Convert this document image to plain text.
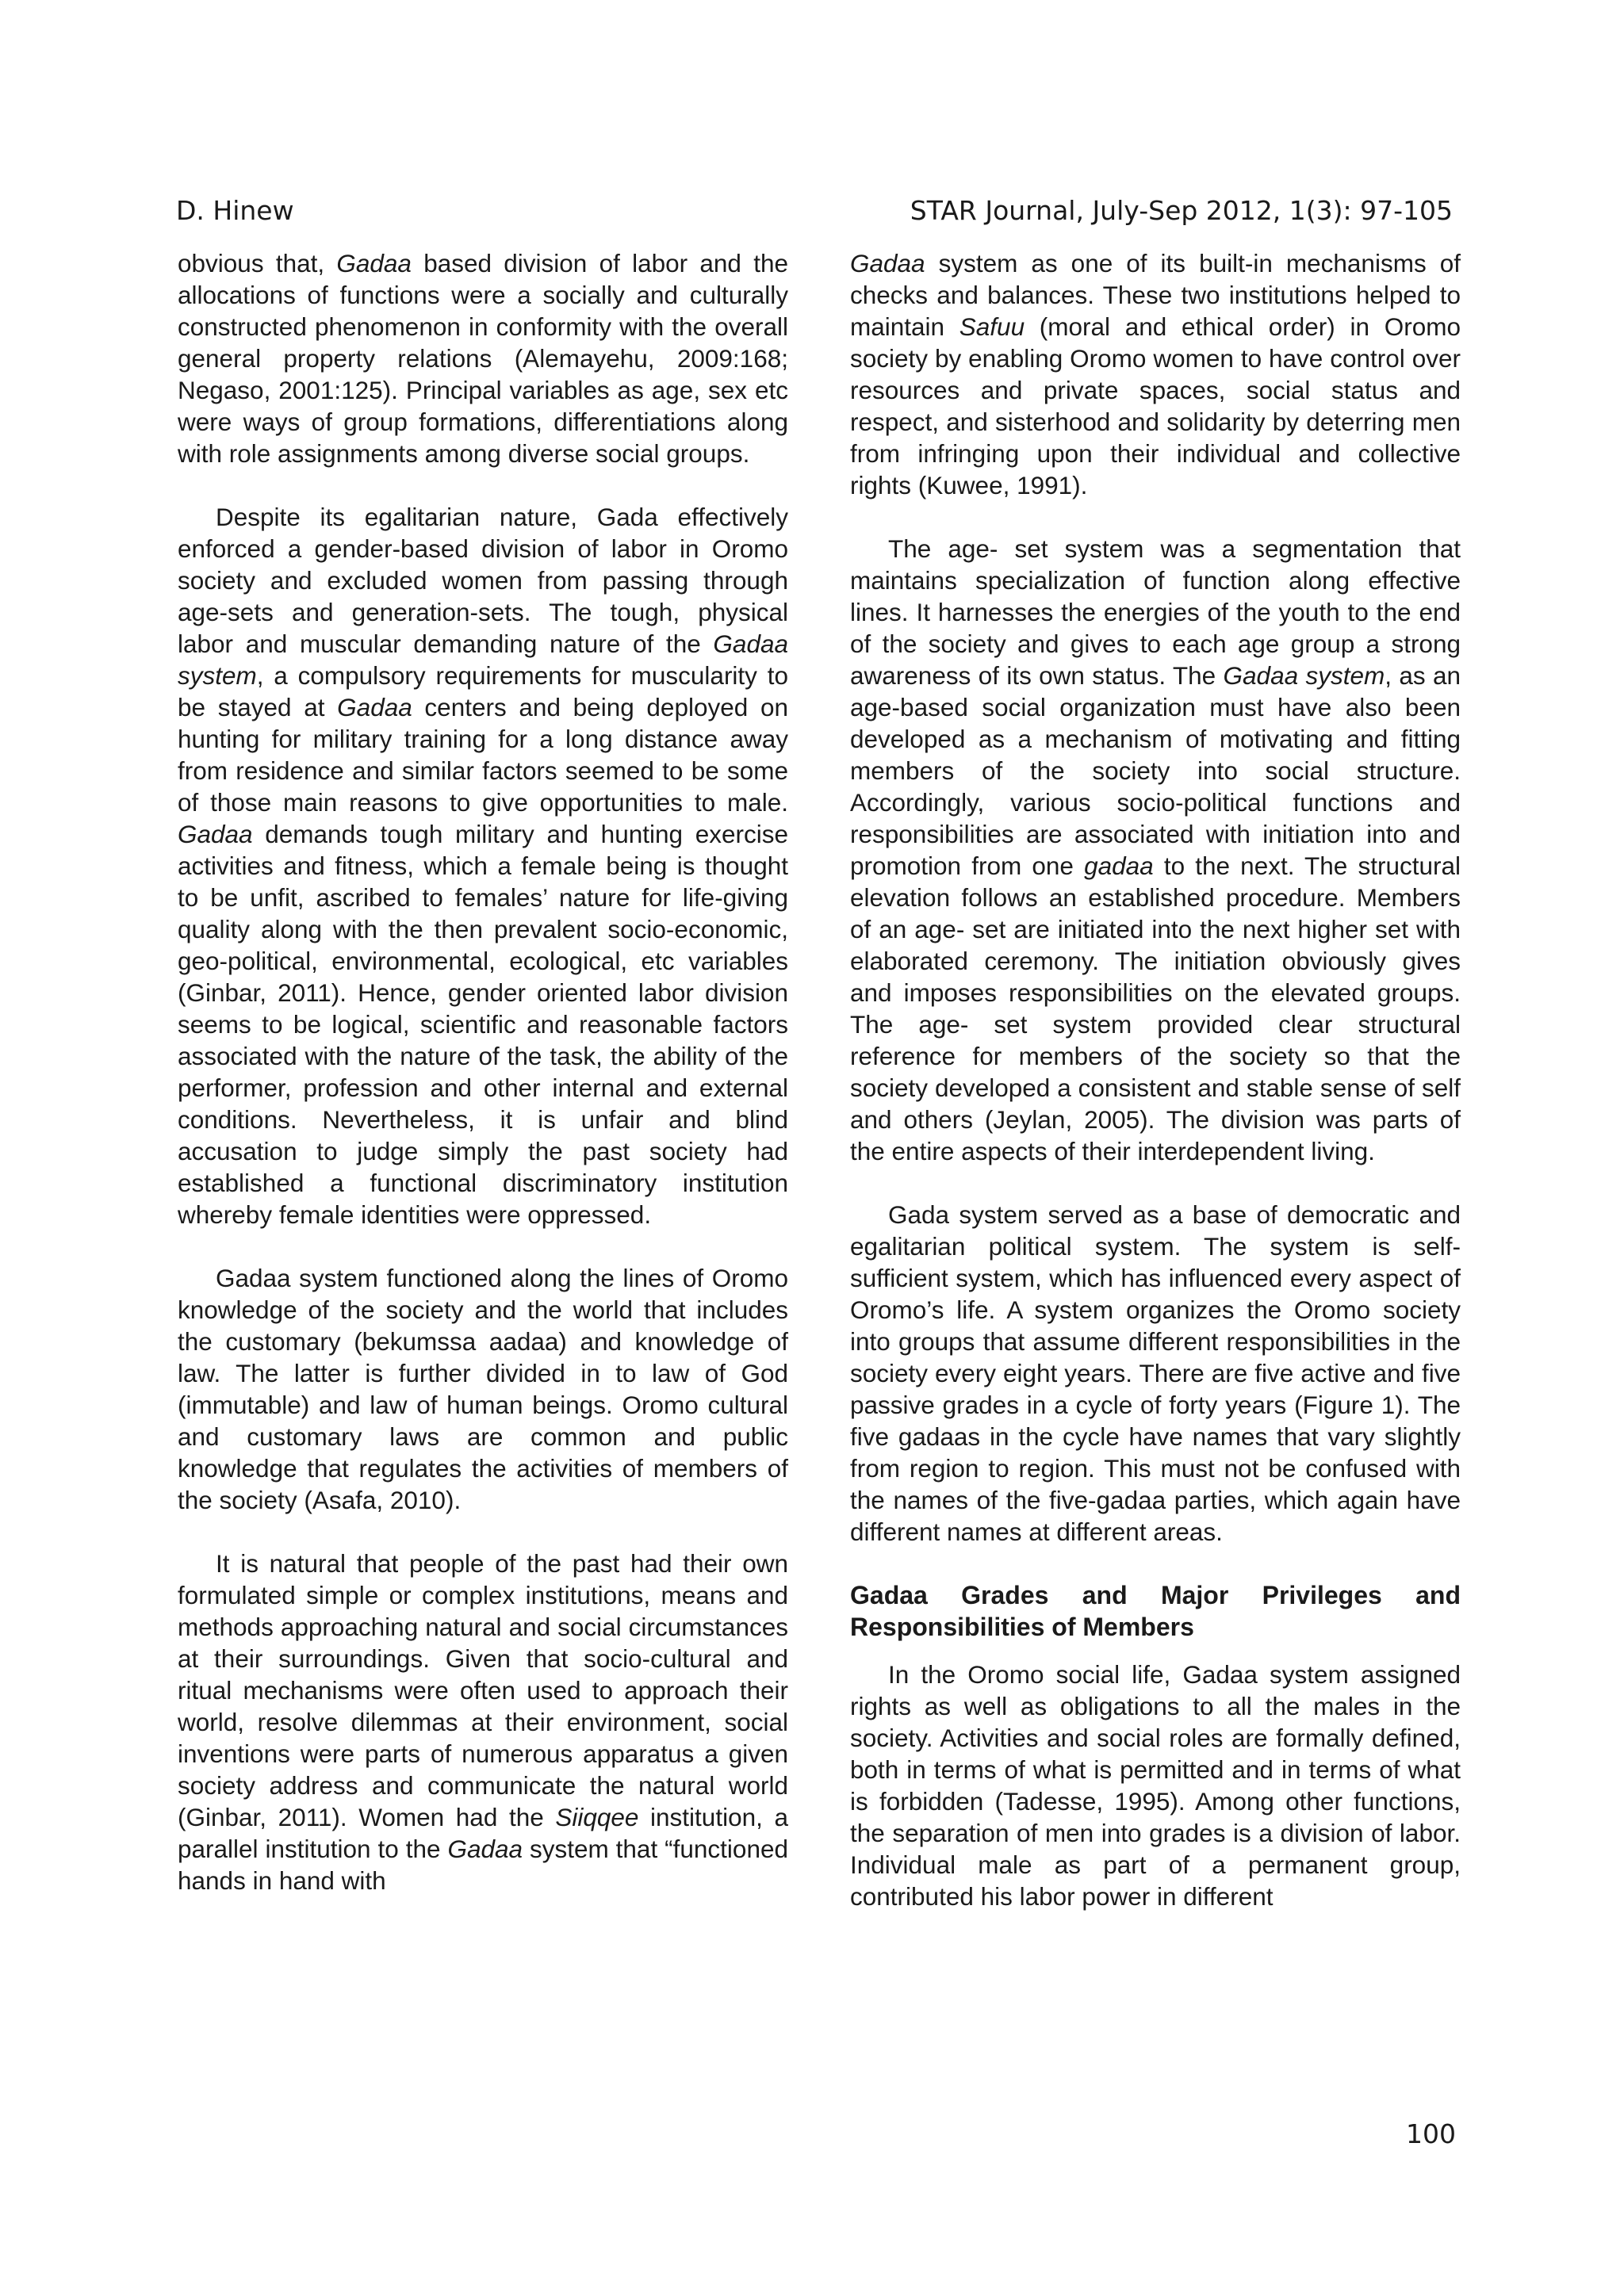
D. Hinew	STAR Journal, July-Sep 2012, 1(3): 97-105

obvious that, Gadaa based division of labor and the allocations of functions were a socially and culturally constructed phenomenon in conformity with the overall general property relations (Alemayehu, 2009:168; Negaso, 2001:125). Principal variables as age, sex etc were ways of group formations, differentiations along with role assignments among diverse social groups.

Despite its egalitarian nature, Gada effectively enforced a gender-based division of labor in Oromo society and excluded women from passing through age-sets and generation-sets. The tough, physical labor and muscular demanding nature of the Gadaa system, a compulsory requirements for muscularity to be stayed at Gadaa centers and being deployed on hunting for military training for a long distance away from residence and similar factors seemed to be some of those main reasons to give opportunities to male. Gadaa demands tough military and hunting exercise activities and fitness, which a female being is thought to be unfit, ascribed to females’ nature for life-giving quality along with the then prevalent socio-economic, geo-political, environmental, ecological, etc variables (Ginbar, 2011). Hence, gender oriented labor division seems to be logical, scientific and reasonable factors associated with the nature of the task, the ability of the performer, profession and other internal and external conditions. Nevertheless, it is unfair and blind accusation to judge simply the past society had established a functional discriminatory institution whereby female identities were oppressed.

Gadaa system functioned along the lines of Oromo knowledge of the society and the world that includes the customary (bekumssa aadaa) and knowledge of law. The latter is further divided in to law of God (immutable) and law of human beings. Oromo cultural and customary laws are common and public knowledge that regulates the activities of members of the society (Asafa, 2010).

It is natural that people of the past had their own formulated simple or complex institutions, means and methods approaching natural and social circumstances at their surroundings. Given that socio-cultural and ritual mechanisms were often used to approach their world, resolve dilemmas at their environment, social inventions were parts of numerous apparatus a given society address and communicate the natural world (Ginbar, 2011). Women had the Siiqqee institution, a parallel institution to the Gadaa system that “functioned hands in hand with

Gadaa system as one of its built-in mechanisms of checks and balances. These two institutions helped to maintain Safuu (moral and ethical order) in Oromo society by enabling Oromo women to have control over resources and private spaces, social status and respect, and sisterhood and solidarity by deterring men from infringing upon their individual and collective rights (Kuwee, 1991).

The age- set system was a segmentation that maintains specialization of function along effective lines. It harnesses the energies of the youth to the end of the society and gives to each age group a strong awareness of its own status. The Gadaa system, as an age-based social organization must have also been developed as a mechanism of motivating and fitting members of the society into social structure. Accordingly, various socio-political functions and responsibilities are associated with initiation into and promotion from one gadaa to the next. The structural elevation follows an established procedure. Members of an age- set are initiated into the next higher set with elaborated ceremony. The initiation obviously gives and imposes responsibilities on the elevated groups. The age- set system provided clear structural reference for members of the society so that the society developed a consistent and stable sense of self and others (Jeylan, 2005). The division was parts of the entire aspects of their interdependent living.

Gada system served as a base of democratic and egalitarian political system. The system is self-sufficient system, which has influenced every aspect of Oromo’s life. A system organizes the Oromo society into groups that assume different responsibilities in the society every eight years. There are five active and five passive grades in a cycle of forty years (Figure 1). The five gadaas in the cycle have names that vary slightly from region to region. This must not be confused with the names of the five-gadaa parties, which again have different names at different areas.

Gadaa Grades and Major Privileges and Responsibilities of Members

In the Oromo social life, Gadaa system assigned rights as well as obligations to all the males in the society. Activities and social roles are formally defined, both in terms of what is permitted and in terms of what is forbidden (Tadesse, 1995). Among other functions, the separation of men into grades is a division of labor. Individual male as part of a permanent group, contributed his labor power in different

100
